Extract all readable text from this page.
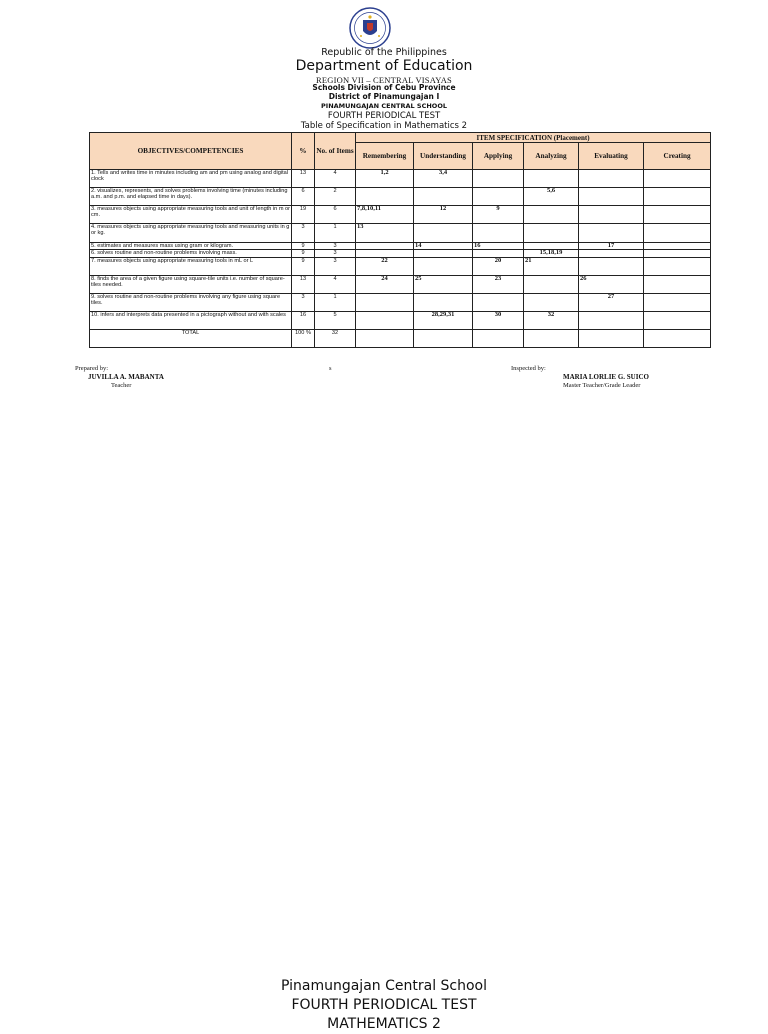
Republic of the Philippines
Department of Education
REGION VII – CENTRAL VISAYAS
Schools Division of Cebu Province
District of Pinamungajan I
PINAMUNGAJAN CENTRAL SCHOOL
FOURTH PERIODICAL TEST
Table of Specification in Mathematics 2
OBJECTIVES/COMPETENCIES	%	No. of Items	ITEM SPECIFICATION (Placement)					
			Remembering	Understanding	Applying	Analyzing	Evaluating	Creating
1. Tells and writes time in minutes including am and pm using analog and digital clock	13	4	1,2	3,4				
2. visualizes, represents, and solves problems involving time (minutes including a.m. and p.m. and elapsed time in days).	6	2				5,6		
3. measures objects using appropriate measuring tools and unit of length in m or cm.	19	6	7,8,10,11	12	9			
4. measures objects using appropriate measuring tools and measuring units in g or kg.	3	1	13					
5. estimates and measures mass using gram or kilogram.	9	3		14	16		17	
6. solves routine and non-routine problems involving mass.	9	3				15,18,19		
7. measures objects using appropriate measuring tools in mL or L	9	3	22		20	21		
8. finds the area of a given figure using square-tile units i.e. number of square-tiles needed.	13	4	24	25	23		26	
9. solves routine and non-routine problems involving any figure using square tiles.	3	1					27	
10. infers and interprets data presented in a pictograph without and with scales	16	5		28,29,31	30	32		
TOTAL	100 %	32						
Prepared by:
JUVILLA A. MABANTA
Teacher
s	Inspected by:
MARIA LORLIE G. SUICO
Master Teacher/Grade Leader
Pinamungajan Central School
FOURTH PERIODICAL TEST
MATHEMATICS 2
